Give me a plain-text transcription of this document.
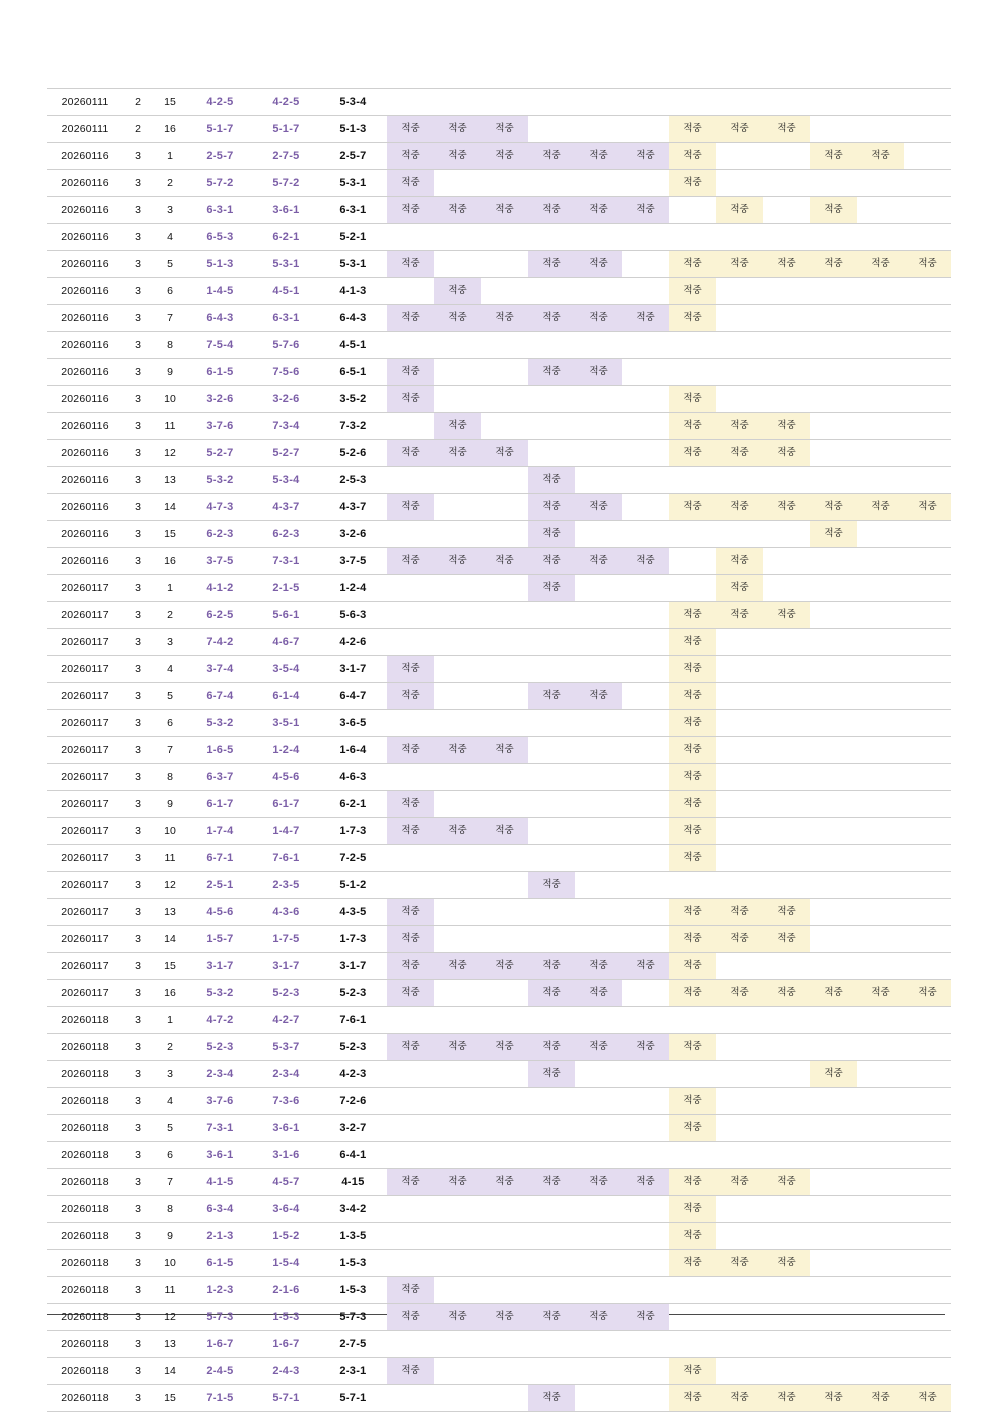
20260111	2	15	4-2-5	4-2-5	5-3-4												
20260111	2	16	5-1-7	5-1-7	5-1-3	적중	적중	적중				적중	적중	적중			
20260116	3	1	2-5-7	2-7-5	2-5-7	적중	적중	적중	적중	적중	적중	적중			적중	적중	
20260116	3	2	5-7-2	5-7-2	5-3-1	적중						적중					
20260116	3	3	6-3-1	3-6-1	6-3-1	적중	적중	적중	적중	적중	적중		적중		적중		
20260116	3	4	6-5-3	6-2-1	5-2-1												
20260116	3	5	5-1-3	5-3-1	5-3-1	적중			적중	적중		적중	적중	적중	적중	적중	적중
20260116	3	6	1-4-5	4-5-1	4-1-3		적중					적중					
20260116	3	7	6-4-3	6-3-1	6-4-3	적중	적중	적중	적중	적중	적중	적중					
20260116	3	8	7-5-4	5-7-6	4-5-1												
20260116	3	9	6-1-5	7-5-6	6-5-1	적중			적중	적중							
20260116	3	10	3-2-6	3-2-6	3-5-2	적중						적중					
20260116	3	11	3-7-6	7-3-4	7-3-2		적중					적중	적중	적중			
20260116	3	12	5-2-7	5-2-7	5-2-6	적중	적중	적중				적중	적중	적중			
20260116	3	13	5-3-2	5-3-4	2-5-3				적중								
20260116	3	14	4-7-3	4-3-7	4-3-7	적중			적중	적중		적중	적중	적중	적중	적중	적중
20260116	3	15	6-2-3	6-2-3	3-2-6				적중						적중		
20260116	3	16	3-7-5	7-3-1	3-7-5	적중	적중	적중	적중	적중	적중		적중				
20260117	3	1	4-1-2	2-1-5	1-2-4				적중				적중				
20260117	3	2	6-2-5	5-6-1	5-6-3							적중	적중	적중			
20260117	3	3	7-4-2	4-6-7	4-2-6							적중					
20260117	3	4	3-7-4	3-5-4	3-1-7	적중						적중					
20260117	3	5	6-7-4	6-1-4	6-4-7	적중			적중	적중		적중					
20260117	3	6	5-3-2	3-5-1	3-6-5							적중					
20260117	3	7	1-6-5	1-2-4	1-6-4	적중	적중	적중				적중					
20260117	3	8	6-3-7	4-5-6	4-6-3							적중					
20260117	3	9	6-1-7	6-1-7	6-2-1	적중						적중					
20260117	3	10	1-7-4	1-4-7	1-7-3	적중	적중	적중				적중					
20260117	3	11	6-7-1	7-6-1	7-2-5							적중					
20260117	3	12	2-5-1	2-3-5	5-1-2				적중								
20260117	3	13	4-5-6	4-3-6	4-3-5	적중						적중	적중	적중			
20260117	3	14	1-5-7	1-7-5	1-7-3	적중						적중	적중	적중			
20260117	3	15	3-1-7	3-1-7	3-1-7	적중	적중	적중	적중	적중	적중	적중					
20260117	3	16	5-3-2	5-2-3	5-2-3	적중			적중	적중		적중	적중	적중	적중	적중	적중
20260118	3	1	4-7-2	4-2-7	7-6-1												
20260118	3	2	5-2-3	5-3-7	5-2-3	적중	적중	적중	적중	적중	적중	적중					
20260118	3	3	2-3-4	2-3-4	4-2-3				적중						적중		
20260118	3	4	3-7-6	7-3-6	7-2-6							적중					
20260118	3	5	7-3-1	3-6-1	3-2-7							적중					
20260118	3	6	3-6-1	3-1-6	6-4-1												
20260118	3	7	4-1-5	4-5-7	4-15	적중	적중	적중	적중	적중	적중	적중	적중	적중			
20260118	3	8	6-3-4	3-6-4	3-4-2							적중					
20260118	3	9	2-1-3	1-5-2	1-3-5							적중					
20260118	3	10	6-1-5	1-5-4	1-5-3							적중	적중	적중			
20260118	3	11	1-2-3	2-1-6	1-5-3	적중											
20260118	3	12	5-7-3	1-5-3	5-7-3	적중	적중	적중	적중	적중	적중						
20260118	3	13	1-6-7	1-6-7	2-7-5												
20260118	3	14	2-4-5	2-4-3	2-3-1	적중						적중					
20260118	3	15	7-1-5	5-7-1	5-7-1				적중			적중	적중	적중	적중	적중	적중
